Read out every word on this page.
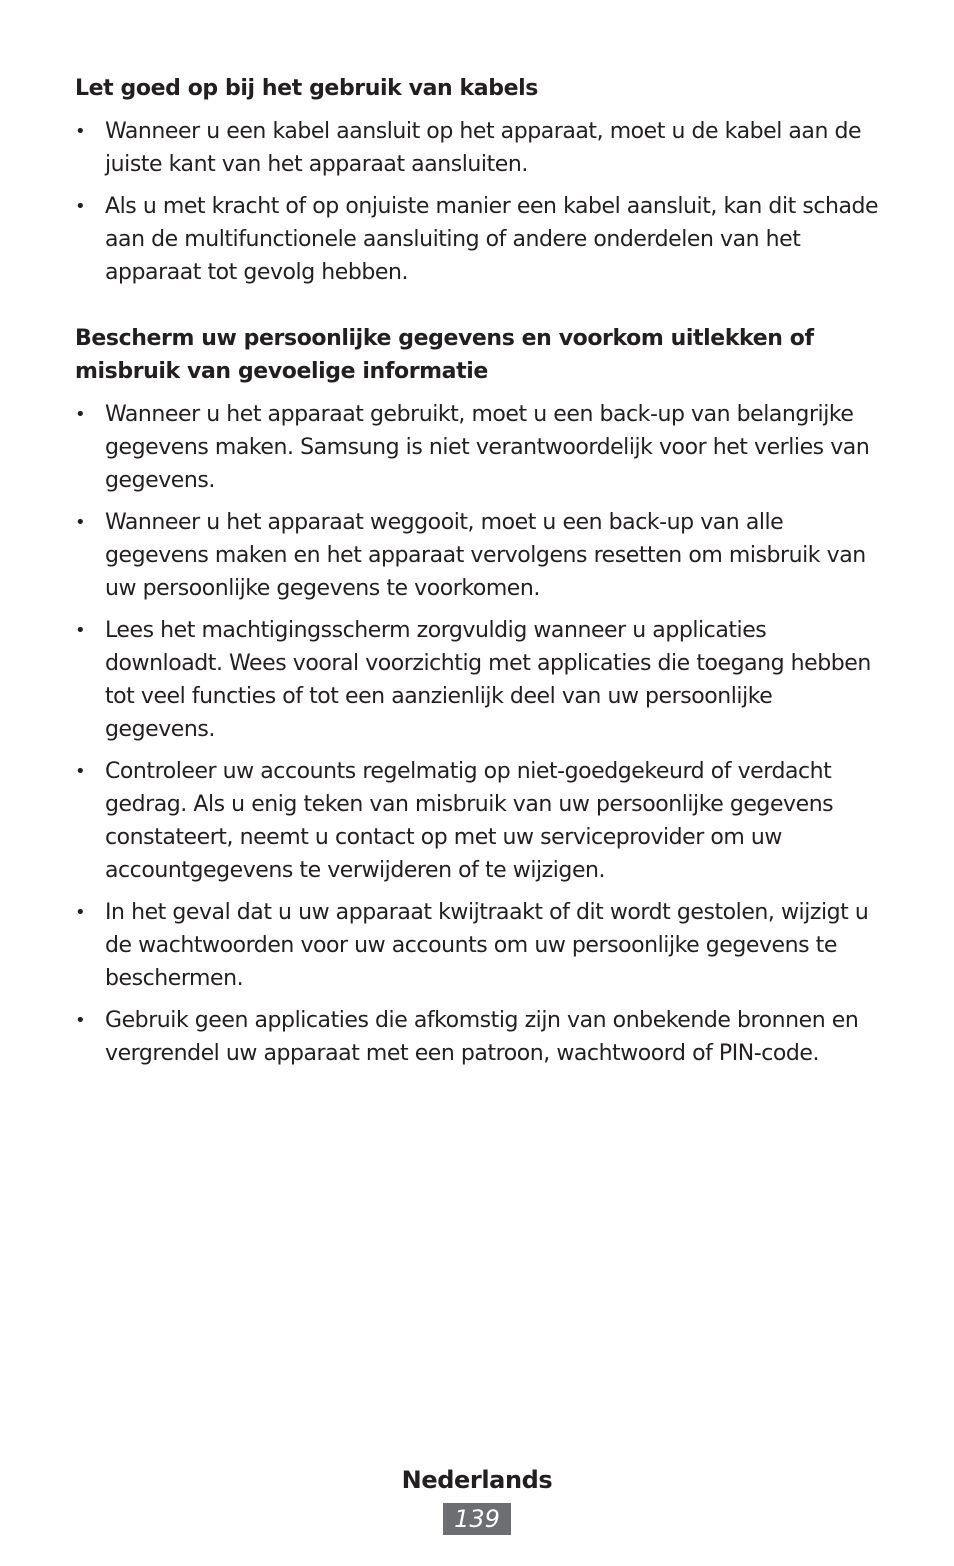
Let goed op bij het gebruik van kabels
• Wanneer u een kabel aansluit op het apparaat, moet u de kabel aan de juiste kant van het apparaat aansluiten.
• Als u met kracht of op onjuiste manier een kabel aansluit, kan dit schade aan de multifunctionele aansluiting of andere onderdelen van het apparaat tot gevolg hebben.
Bescherm uw persoonlijke gegevens en voorkom uitlekken of misbruik van gevoelige informatie
• Wanneer u het apparaat gebruikt, moet u een back-up van belangrijke gegevens maken. Samsung is niet verantwoordelijk voor het verlies van gegevens.
• Wanneer u het apparaat weggooit, moet u een back-up van alle gegevens maken en het apparaat vervolgens resetten om misbruik van uw persoonlijke gegevens te voorkomen.
• Lees het machtigingsscherm zorgvuldig wanneer u applicaties downloadt. Wees vooral voorzichtig met applicaties die toegang hebben tot veel functies of tot een aanzienlijk deel van uw persoonlijke gegevens.
• Controleer uw accounts regelmatig op niet-goedgekeurd of verdacht gedrag. Als u enig teken van misbruik van uw persoonlijke gegevens constateert, neemt u contact op met uw serviceprovider om uw accountgegevens te verwijderen of te wijzigen.
• In het geval dat u uw apparaat kwijtraakt of dit wordt gestolen, wijzigt u de wachtwoorden voor uw accounts om uw persoonlijke gegevens te beschermen.
• Gebruik geen applicaties die afkomstig zijn van onbekende bronnen en vergrendel uw apparaat met een patroon, wachtwoord of PIN-code.
Nederlands
139
